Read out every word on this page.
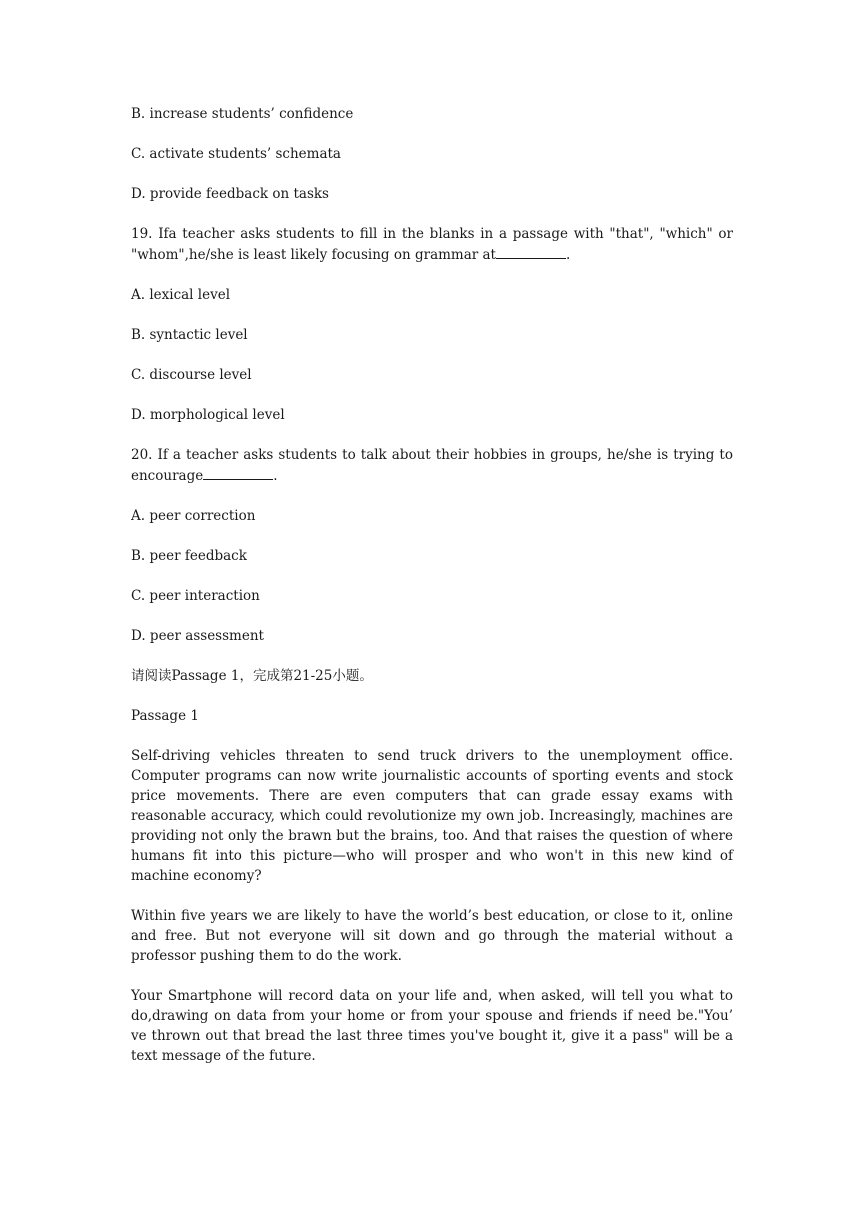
B. increase students’ confidence
C. activate students’ schemata
D. provide feedback on tasks
19. Ifa teacher asks students to fill in the blanks in a passage with "that", "which" or "whom",he/she is least likely focusing on grammar at	.
A. lexical level
B. syntactic level
C. discourse level
D. morphological level
20. If a teacher asks students to talk about their hobbies in groups, he/she is trying to encourage	.
A. peer correction
B. peer feedback
C. peer interaction
D. peer assessment
请阅读Passage 1，完成第21-25小题。
Passage 1
Self-driving vehicles threaten to send truck drivers to the unemployment office. Computer programs can now write journalistic accounts of sporting events and stock price movements. There are even computers that can grade essay exams with reasonable accuracy, which could revolutionize my own job. Increasingly, machines are providing not only the brawn but the brains, too. And that raises the question of where humans fit into this picture—who will prosper and who won't in this new kind of machine economy?
Within five years we are likely to have the world’s best education, or close to it, online and free. But not everyone will sit down and go through the material without a professor pushing them to do the work.
Your Smartphone will record data on your life and, when asked, will tell you what to do,drawing on data from your home or from your spouse and friends if need be."You’ ve thrown out that bread the last three times you've bought it, give it a pass" will be a text message of the future.
